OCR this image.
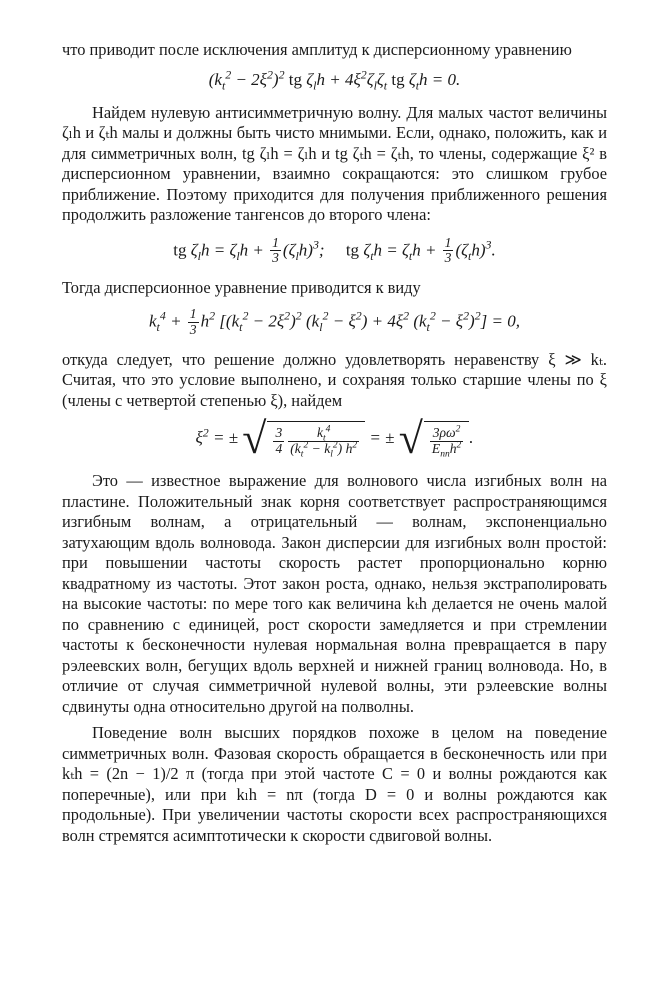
что приводит после исключения амплитуд к дисперсионному уравнению

$(k_t^2 - 2\xi^2)^2$ tg $\zeta_lh + 4\xi^2\zeta_l\zeta_t$ tg $\zeta_th = 0$.

Найдем нулевую антисимметричную волну. Для малых частот величины ζₗh и ζₜh малы и должны быть чисто мнимыми. Если, однако, положить, как и для симметричных волн, tg ζₗh = ζₗh и tg ζₜh = ζₜh, то члены, содержащие ξ² в дисперсионном уравнении, взаимно сокращаются: это слишком грубое приближение. Поэтому приходится для получения приближенного решения продолжить разложение тангенсов до второго члена:

tg $\zeta_lh = \zeta_lh + \frac{1}{3} (\zeta_lh)^3$;     tg $\zeta_th = \zeta_th + \frac{1}{3} (\zeta_th)^3$.

Тогда дисперсионное уравнение приводится к виду

$k_t^4 + \frac{1}{3} h^2$ [$(k_t^2 - 2\xi^2)^2$ $(k_l^2 - \xi^2) + 4\xi^2$ $(k_t^2 - \xi^2)^2] = 0$,

откуда следует, что решение должно удовлетворять неравенству ξ ≫ kₜ. Считая, что это условие выполнено, и сохраняя только старшие члены по ξ (члены с четвертой степенью ξ), найдем

$\xi^2$ = ± √ $\frac{3}{4} \frac{k_t^4}{(k_t^2 - k_l^2) h^2}$ = ± √ $\frac{3\rho\omega^2}{E_{nn}h^2}$ .

Это — известное выражение для волнового числа изгибных волн на пластине. Положительный знак корня соответствует распространяющимся изгибным волнам, а отрицательный — волнам, экспоненциально затухающим вдоль волновода. Закон дисперсии для изгибных волн простой: при повышении частоты скорость растет пропорционально корню квадратному из частоты. Этот закон роста, однако, нельзя экстраполировать на высокие частоты: по мере того как величина kₜh делается не очень малой по сравнению с единицей, рост скорости замедляется и при стремлении частоты к бесконечности нулевая нормальная волна превращается в пару рэлеевских волн, бегущих вдоль верхней и нижней границ волновода. Но, в отличие от случая симметричной нулевой волны, эти рэлеевские волны сдвинуты одна относительно другой на полволны.

Поведение волн высших порядков похоже в целом на поведение симметричных волн. Фазовая скорость обращается в бесконечность или при kₜh = (2n − 1)/2 π (тогда при этой частоте C = 0 и волны рождаются как поперечные), или при kₗh = nπ (тогда D = 0 и волны рождаются как продольные). При увеличении частоты скорости всех распространяющихся волн стремятся асимптотически к скорости сдвиговой волны.
